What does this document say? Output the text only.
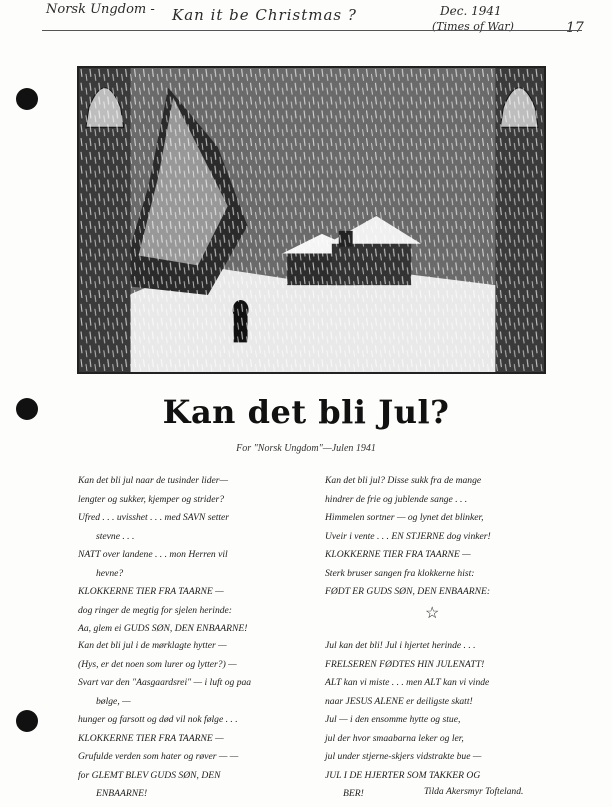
Norsk Ungdom - Kan it be Christmas ?	Dec. 1941
(Times of War)	17
Kan det bli Jul?
For "Norsk Ungdom"—Julen 1941
Kan det bli jul naar de tusinder lider—
lengter og sukker, kjemper og strider?
Ufred . . . uvisshet . . . med SAVN setter
stevne . . .
NATT over landene . . . mon Herren vil
hevne?
KLOKKERNE TIER FRA TAARNE —
dog ringer de megtig for sjelen herinde:
Aa, glem ei GUDS SØN, DEN ENBAARNE!
Kan det bli jul? Disse sukk fra de mange
hindrer de frie og jublende sange . . .
Himmelen sortner — og lynet det blinker,
Uveir i vente . . . EN STJERNE dog vinker!
KLOKKERNE TIER FRA TAARNE —
Sterk bruser sangen fra klokkerne hist:
FØDT ER GUDS SØN, DEN ENBAARNE:
☆
Kan det bli jul i de mørklagte hytter —
(Hys, er det noen som lurer og lytter?) —
Svart var den "Aasgaardsrei" — i luft og paa
bølge, —
hunger og farsott og død vil nok følge . . .
KLOKKERNE TIER FRA TAARNE —
Grufulde verden som hater og røver — —
for GLEMT BLEV GUDS SØN, DEN
ENBAARNE!
Jul kan det bli! Jul i hjertet herinde . . .
FRELSEREN FØDTES HIN JULENATT!
ALT kan vi miste . . . men ALT kan vi vinde
naar JESUS ALENE er deiligste skatt!
Jul — i den ensomme hytte og stue,
jul der hvor smaabarna leker og ler,
jul under stjerne-skjers vidstrakte bue —
JUL I DE HJERTER SOM TAKKER OG
BER!	Tilda Akersmyr Tofteland.
